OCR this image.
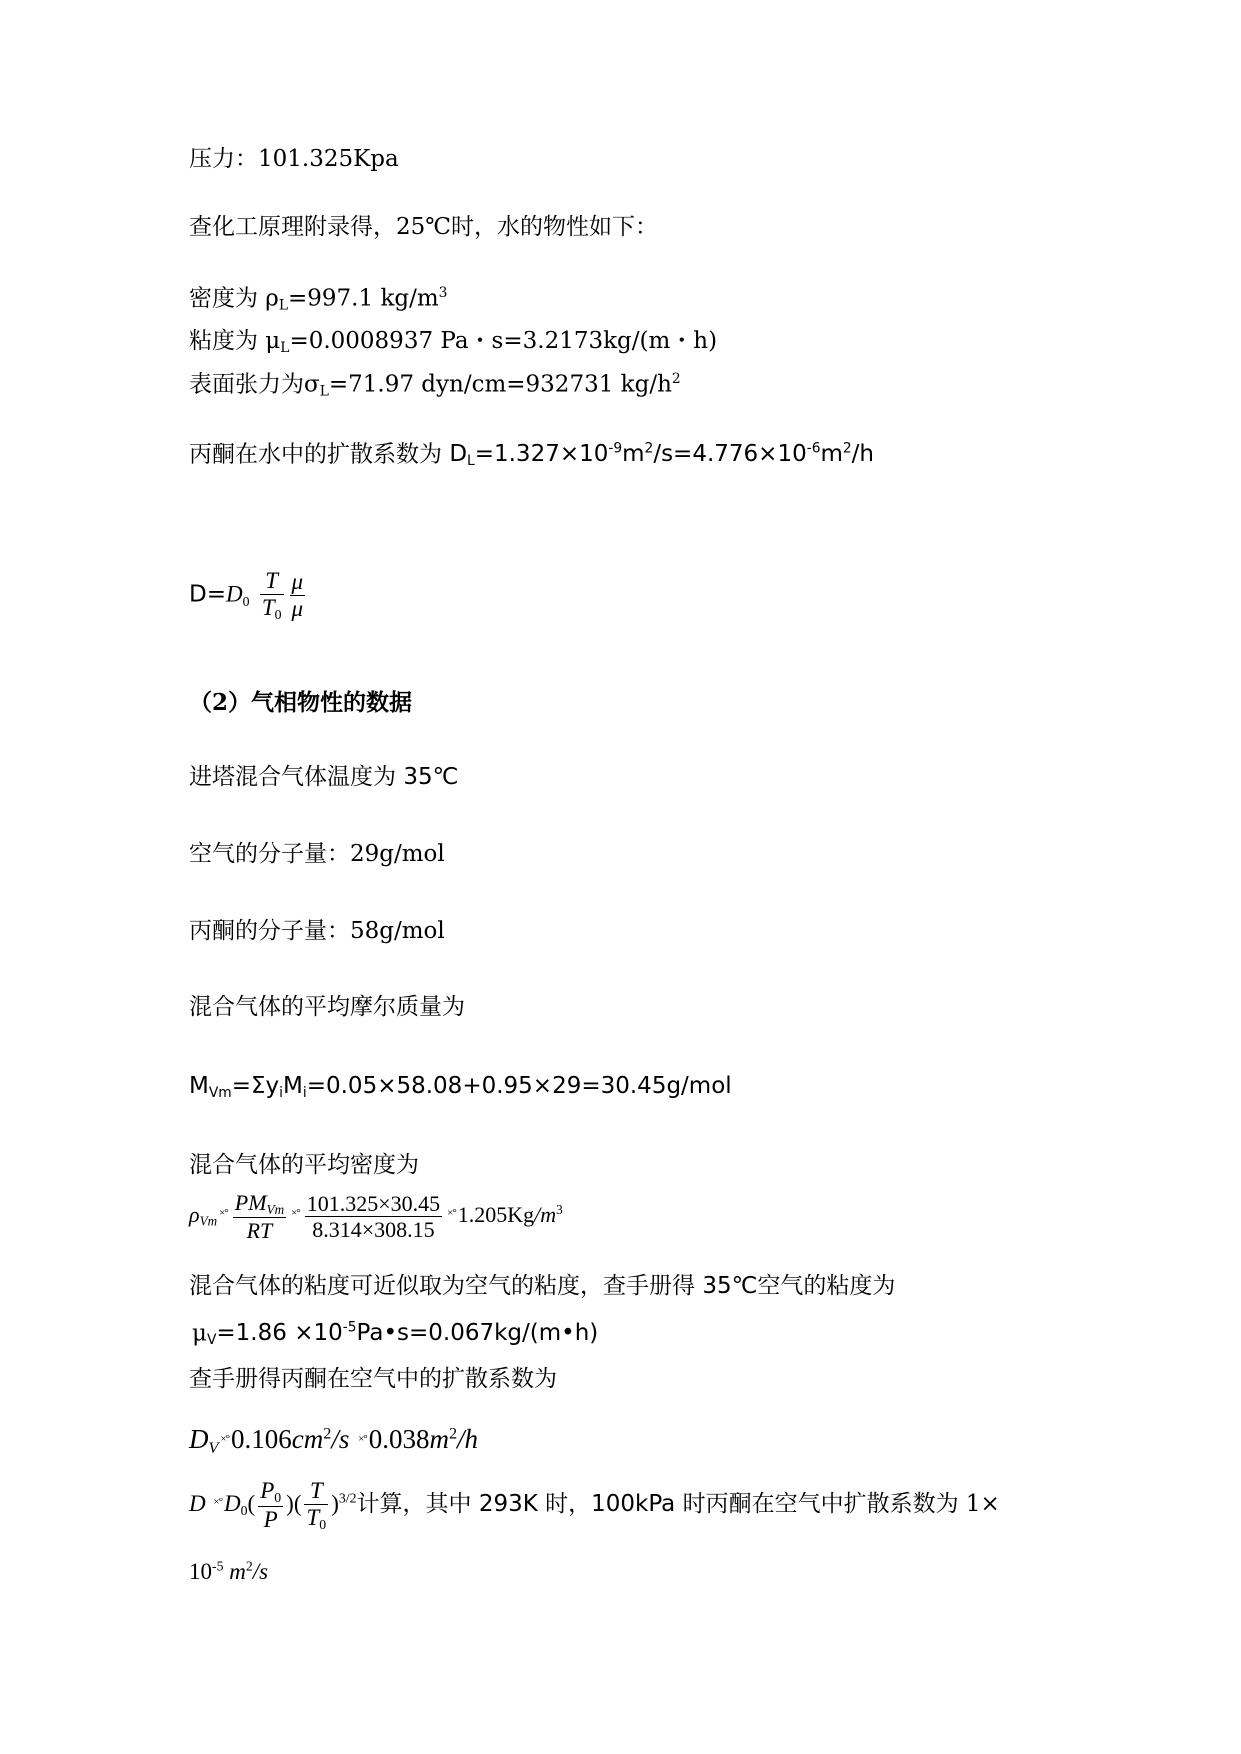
压力：101.325Kpa
查化工原理附录得，25℃时，水的物性如下：
密度为 $\rho_L=997.1$ $kg/m^3$
粘度为 $\mu_L=0.0008937$ Pa・s=3.2173kg/(m・h)
表面张力为$\sigma_L=71.97$ dyn/cm=932731 $kg/h^2$
丙酮在水中的扩散系数为 $D_L=1.327\times 10^{-9}m^2/s=4.776\times 10^{-6}m^2/h$
$D=D_0 \frac{T}{T_0} \frac{\mu}{\mu}$
（2）气相物性的数据
进塔混合气体温度为 35℃
空气的分子量：29g/mol
丙酮的分子量：58g/mol
混合气体的平均摩尔质量为
$M_{Vm}=\Sigma y_iM_i=0.05\times 58.08+0.95\times 29=30.45g$/mol
混合气体的平均密度为
$\rho_{Vm}^{\times^\circ} \frac{PM_{Vm}}{RT} ^{\times^\circ} \frac{101.325\times 30.45}{8.314\times 308.15} ^{\times^\circ}1.205Kg/m^3$
混合气体的粘度可近似取为空气的粘度，查手册得 35℃空气的粘度为
$\mu_V=1.86$ $\times 10^{-5}Pa•s=0.067kg/(m•h)$
查手册得丙酮在空气中的扩散系数为
$D_V$ $^{\times^\circ}0.106cm^2/s$ $^{\times^\circ}0.038m^2/h$
D $^{\times^\circ}D_0( \frac{P_0}{P}$ )( $\frac{T}{T_0} )^{3/2}$计算，其中 293K 时，100kPa 时丙酮在空气中扩散系数为 1×
$10^{-5}$ $m^2/s$
